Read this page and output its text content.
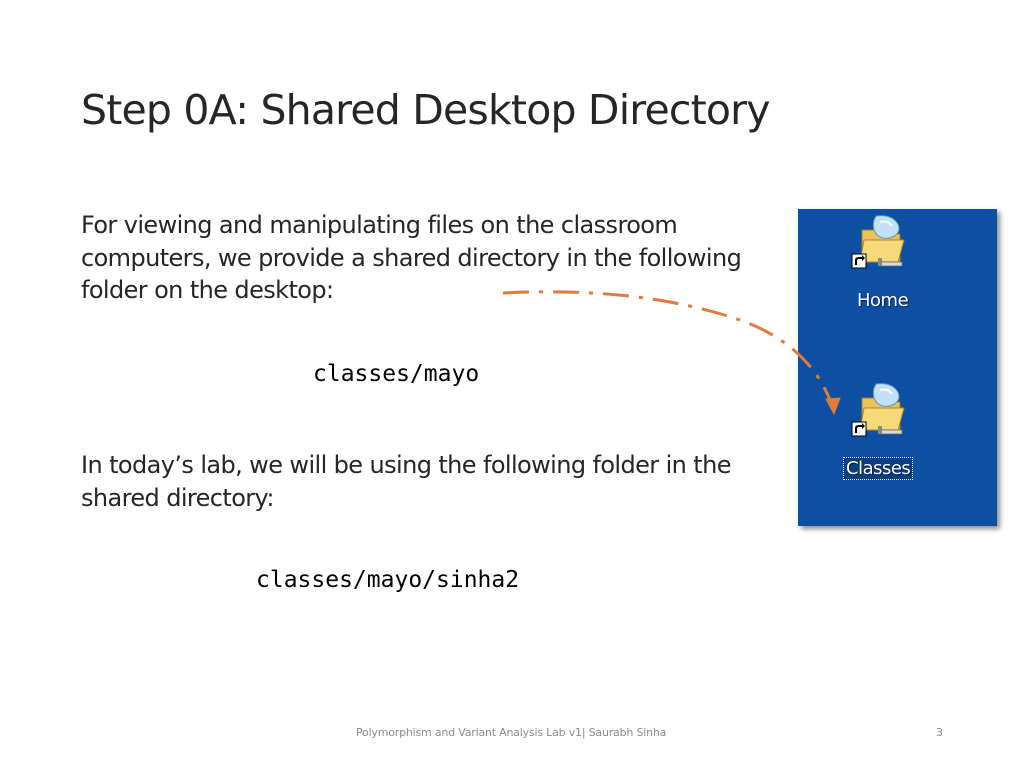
Step 0A: Shared Desktop Directory
For viewing and manipulating files on the classroom computers, we provide a shared directory in the following folder on the desktop:
classes/mayo
In today’s lab, we will be using the following folder in the shared directory:
classes/mayo/sinha2
Home
Classes
Polymorphism and Variant Analysis Lab v1| Saurabh Sinha	3
